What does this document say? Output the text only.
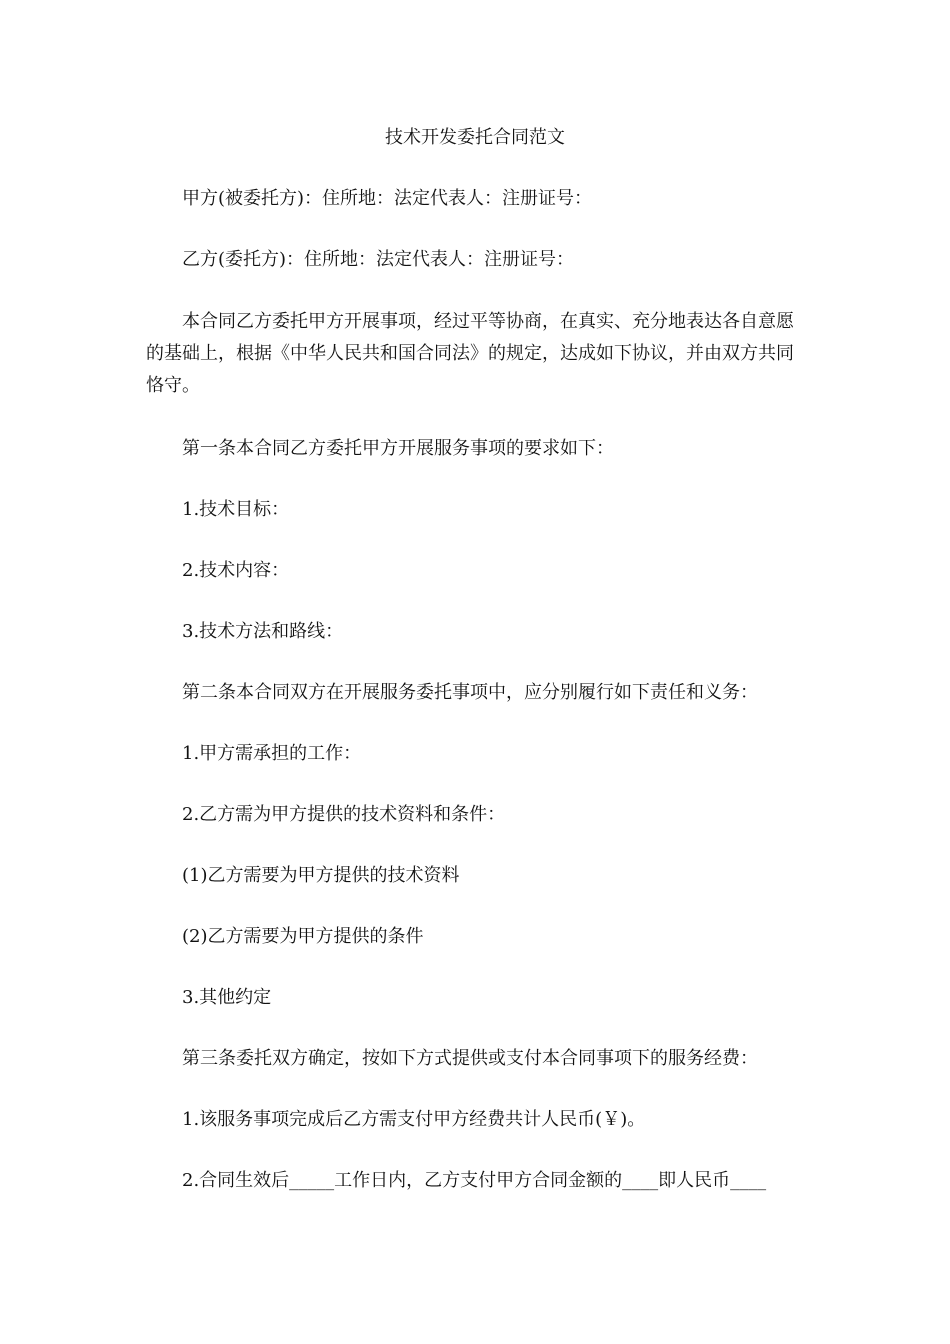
技术开发委托合同范文

甲方(被委托方)：住所地：法定代表人：注册证号：

乙方(委托方)：住所地：法定代表人：注册证号：

本合同乙方委托甲方开展事项，经过平等协商，在真实、充分地表达各自意愿的基础上，根据《中华人民共和国合同法》的规定，达成如下协议，并由双方共同恪守。

第一条本合同乙方委托甲方开展服务事项的要求如下：

1.技术目标：

2.技术内容：

3.技术方法和路线：

第二条本合同双方在开展服务委托事项中，应分别履行如下责任和义务：

1.甲方需承担的工作：

2.乙方需为甲方提供的技术资料和条件：

(1)乙方需要为甲方提供的技术资料

(2)乙方需要为甲方提供的条件

3.其他约定

第三条委托双方确定，按如下方式提供或支付本合同事项下的服务经费：

1.该服务事项完成后乙方需支付甲方经费共计人民币(￥)。

2.合同生效后_____工作日内，乙方支付甲方合同金额的____即人民币____
